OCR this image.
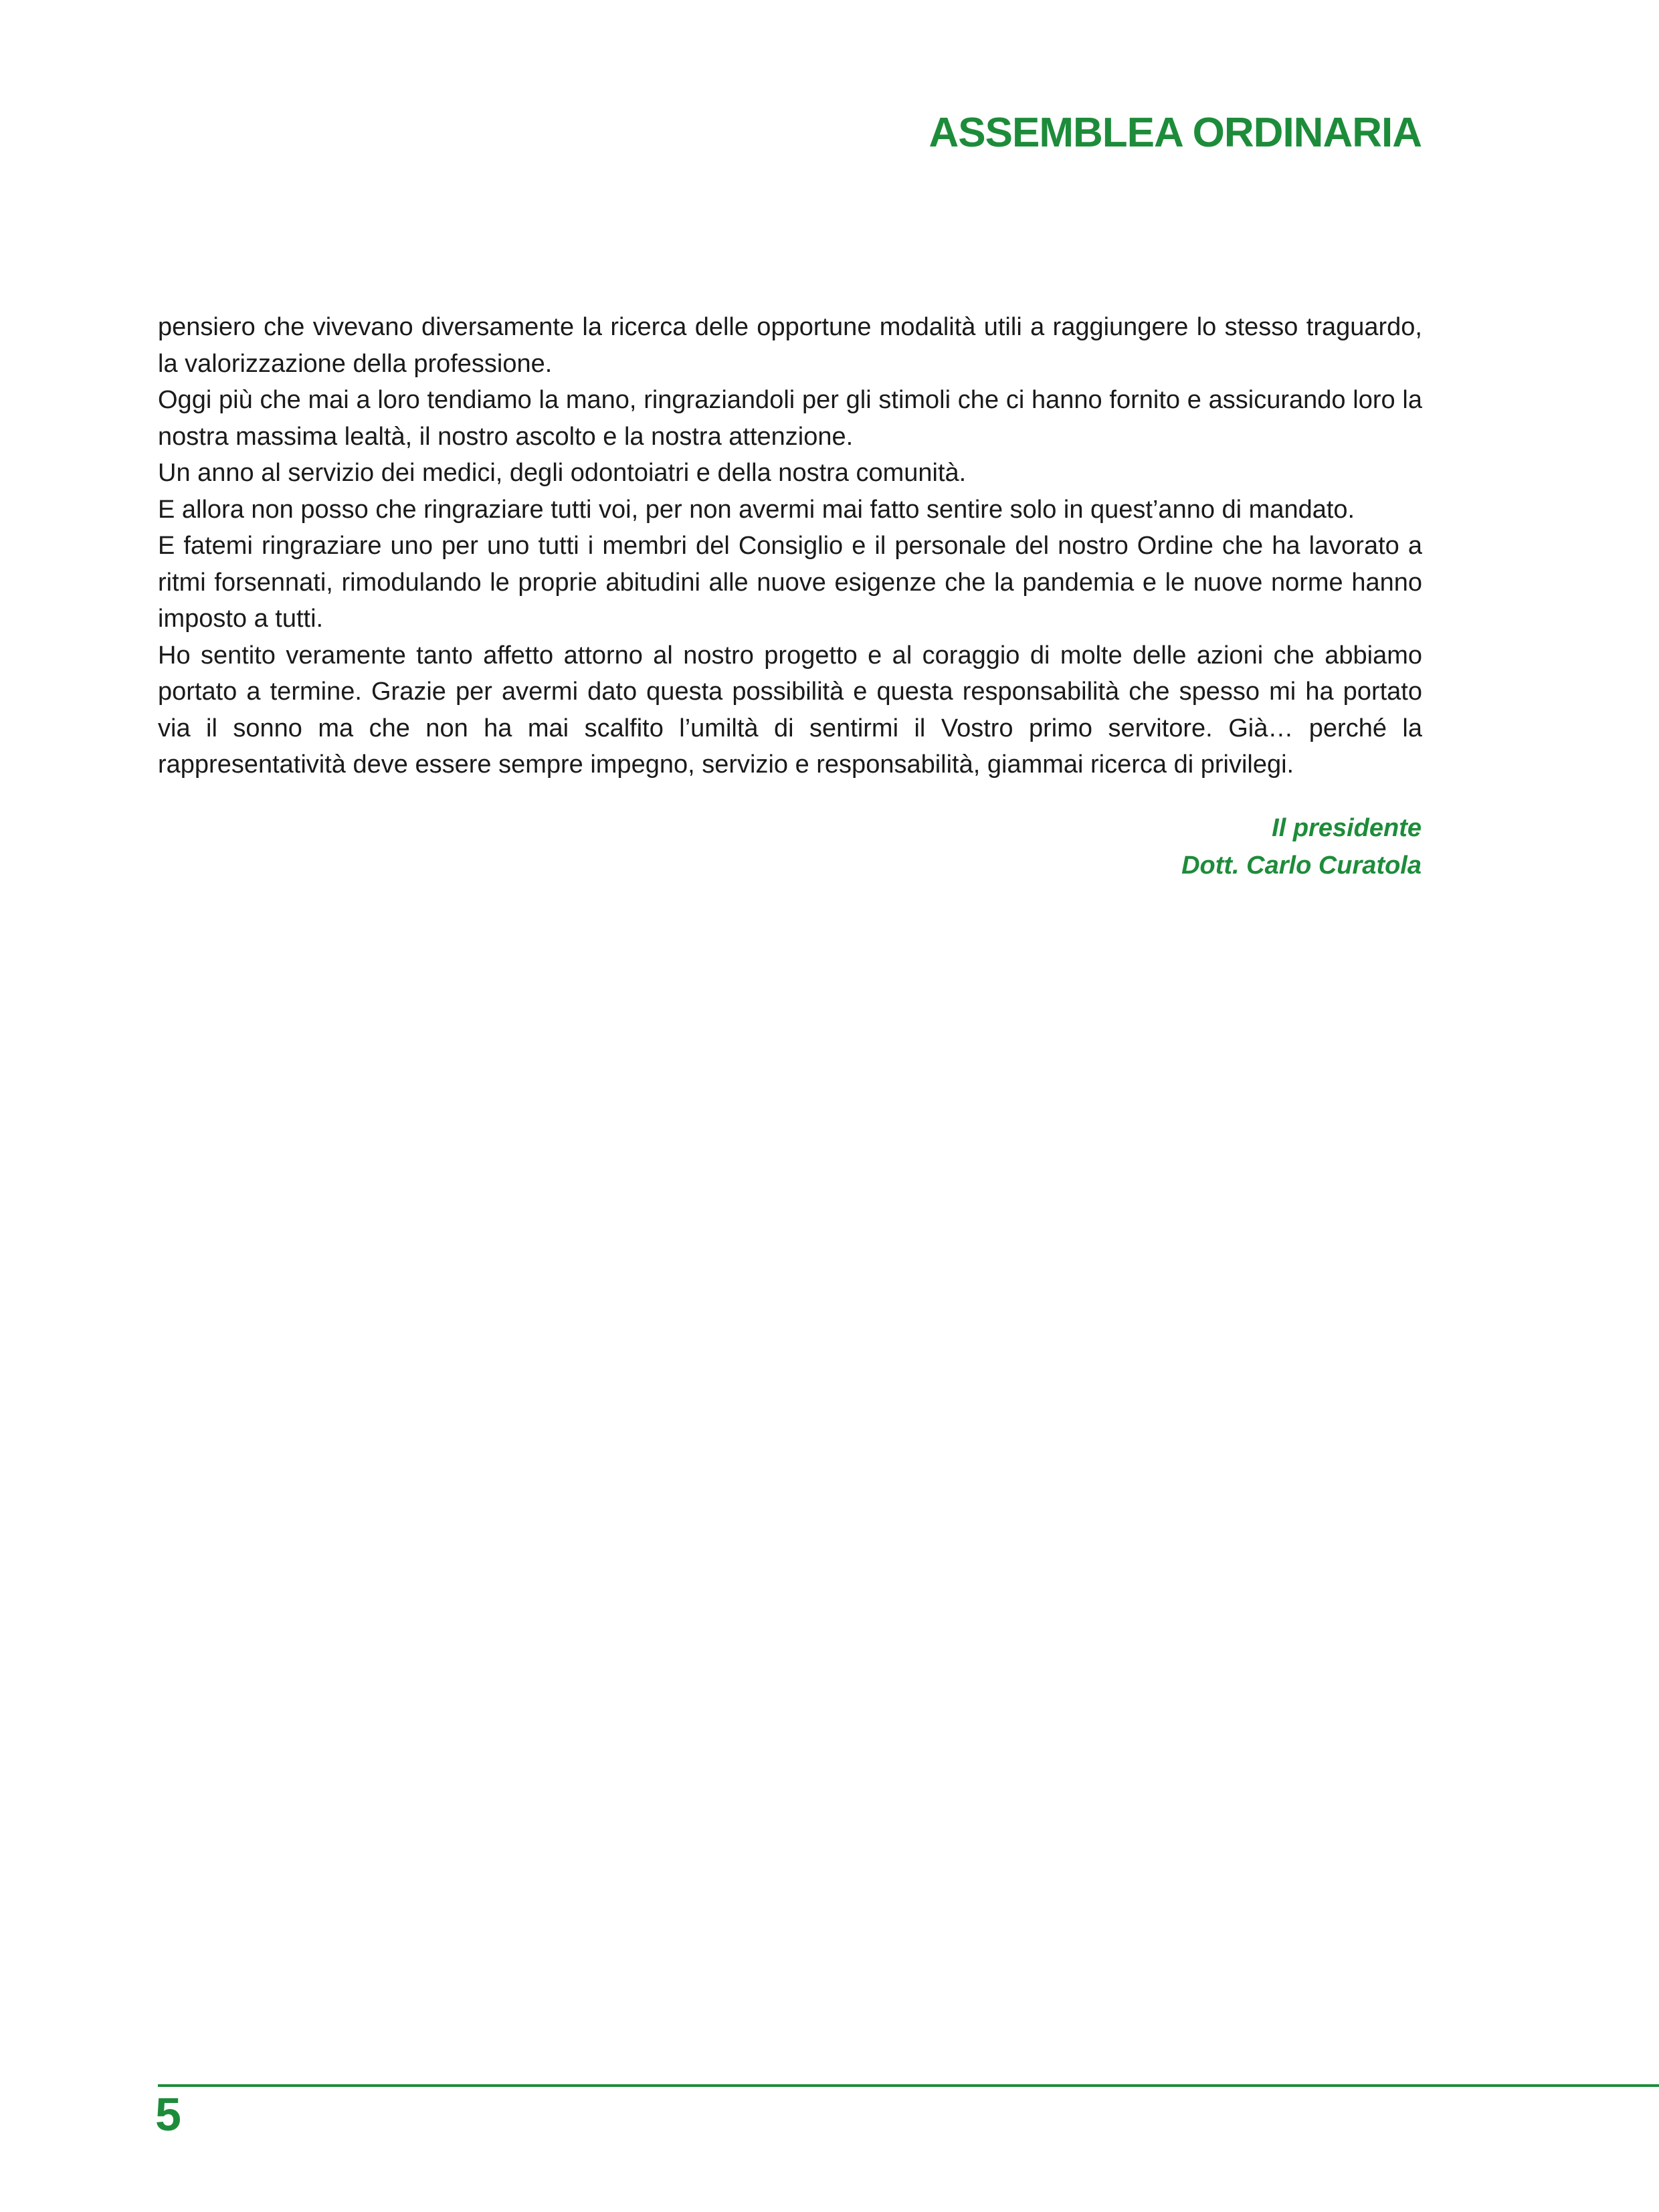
ASSEMBLEA ORDINARIA

pensiero che vivevano diversamente la ricerca delle opportune modalità utili a raggiungere lo stesso traguardo, la valorizzazione della professione.

Oggi più che mai a loro tendiamo la mano, ringraziandoli per gli stimoli che ci hanno fornito e assicurando loro la nostra massima lealtà, il nostro ascolto e la nostra attenzione.

Un anno al servizio dei medici, degli odontoiatri e della nostra comunità.

E allora non posso che ringraziare tutti voi, per non avermi mai fatto sentire solo in quest’anno di mandato.

E fatemi ringraziare uno per uno tutti i membri del Consiglio e il personale del nostro Ordine che ha lavorato a ritmi forsennati, rimodulando le proprie abitudini alle nuove esigenze che la pandemia e le nuove norme hanno imposto a tutti.

Ho sentito veramente tanto affetto attorno al nostro progetto e al coraggio di molte delle azioni che abbiamo portato a termine. Grazie per avermi dato questa possibilità e questa responsabilità che spesso mi ha portato via il sonno ma che non ha mai scalfito l’umiltà di sentirmi il Vostro primo servitore. Già… perché la rappresentatività deve essere sempre impegno, servizio e responsabilità, giammai ricerca di privilegi.

Il presidente
Dott. Carlo Curatola
5
